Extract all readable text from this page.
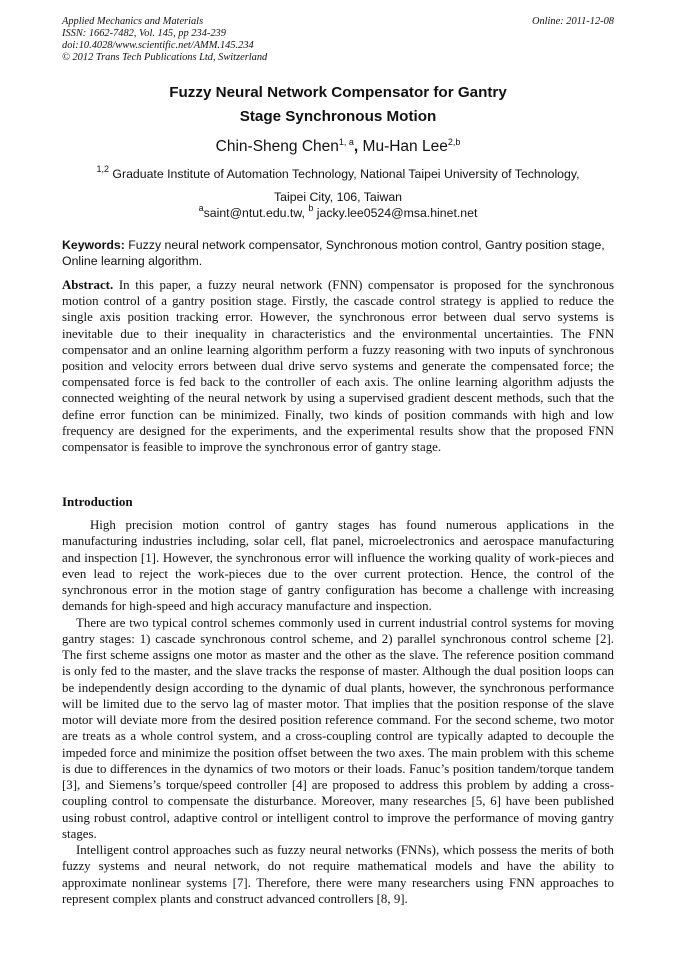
Applied Mechanics and Materials
ISSN: 1662-7482, Vol. 145, pp 234-239
doi:10.4028/www.scientific.net/AMM.145.234
© 2012 Trans Tech Publications Ltd, Switzerland
Online: 2011-12-08
Fuzzy Neural Network Compensator for Gantry
Stage Synchronous Motion
Chin-Sheng Chen$^{1, a}$, Mu-Han Lee$^{2,b}$
$^{1,2}$ Graduate Institute of Automation Technology, National Taipei University of Technology,
Taipei City, 106, Taiwan
$^a$saint@ntut.edu.tw, $^b$ jacky.lee0524@msa.hinet.net
Keywords: Fuzzy neural network compensator, Synchronous motion control, Gantry position stage, Online learning algorithm.
Abstract. In this paper, a fuzzy neural network (FNN) compensator is proposed for the synchronous motion control of a gantry position stage. Firstly, the cascade control strategy is applied to reduce the single axis position tracking error. However, the synchronous error between dual servo systems is inevitable due to their inequality in characteristics and the environmental uncertainties. The FNN compensator and an online learning algorithm perform a fuzzy reasoning with two inputs of synchronous position and velocity errors between dual drive servo systems and generate the compensated force; the compensated force is fed back to the controller of each axis. The online learning algorithm adjusts the connected weighting of the neural network by using a supervised gradient descent methods, such that the define error function can be minimized. Finally, two kinds of position commands with high and low frequency are designed for the experiments, and the experimental results show that the proposed FNN compensator is feasible to improve the synchronous error of gantry stage.
Introduction

High precision motion control of gantry stages has found numerous applications in the manufacturing industries including, solar cell, flat panel, microelectronics and aerospace manufacturing and inspection [1]. However, the synchronous error will influence the working quality of work-pieces and even lead to reject the work-pieces due to the over current protection. Hence, the control of the synchronous error in the motion stage of gantry configuration has become a challenge with increasing demands for high-speed and high accuracy manufacture and inspection.

There are two typical control schemes commonly used in current industrial control systems for moving gantry stages: 1) cascade synchronous control scheme, and 2) parallel synchronous control scheme [2]. The first scheme assigns one motor as master and the other as the slave. The reference position command is only fed to the master, and the slave tracks the response of master. Although the dual position loops can be independently design according to the dynamic of dual plants, however, the synchronous performance will be limited due to the servo lag of master motor. That implies that the position response of the slave motor will deviate more from the desired position reference command. For the second scheme, two motor are treats as a whole control system, and a cross-coupling control are typically adapted to decouple the impeded force and minimize the position offset between the two axes. The main problem with this scheme is due to differences in the dynamics of two motors or their loads. Fanuc’s position tandem/torque tandem [3], and Siemens’s torque/speed controller [4] are proposed to address this problem by adding a cross-coupling control to compensate the disturbance. Moreover, many researches [5, 6] have been published using robust control, adaptive control or intelligent control to improve the performance of moving gantry stages.

Intelligent control approaches such as fuzzy neural networks (FNNs), which possess the merits of both fuzzy systems and neural network, do not require mathematical models and have the ability to approximate nonlinear systems [7]. Therefore, there were many researchers using FNN approaches to represent complex plants and construct advanced controllers [8, 9].
